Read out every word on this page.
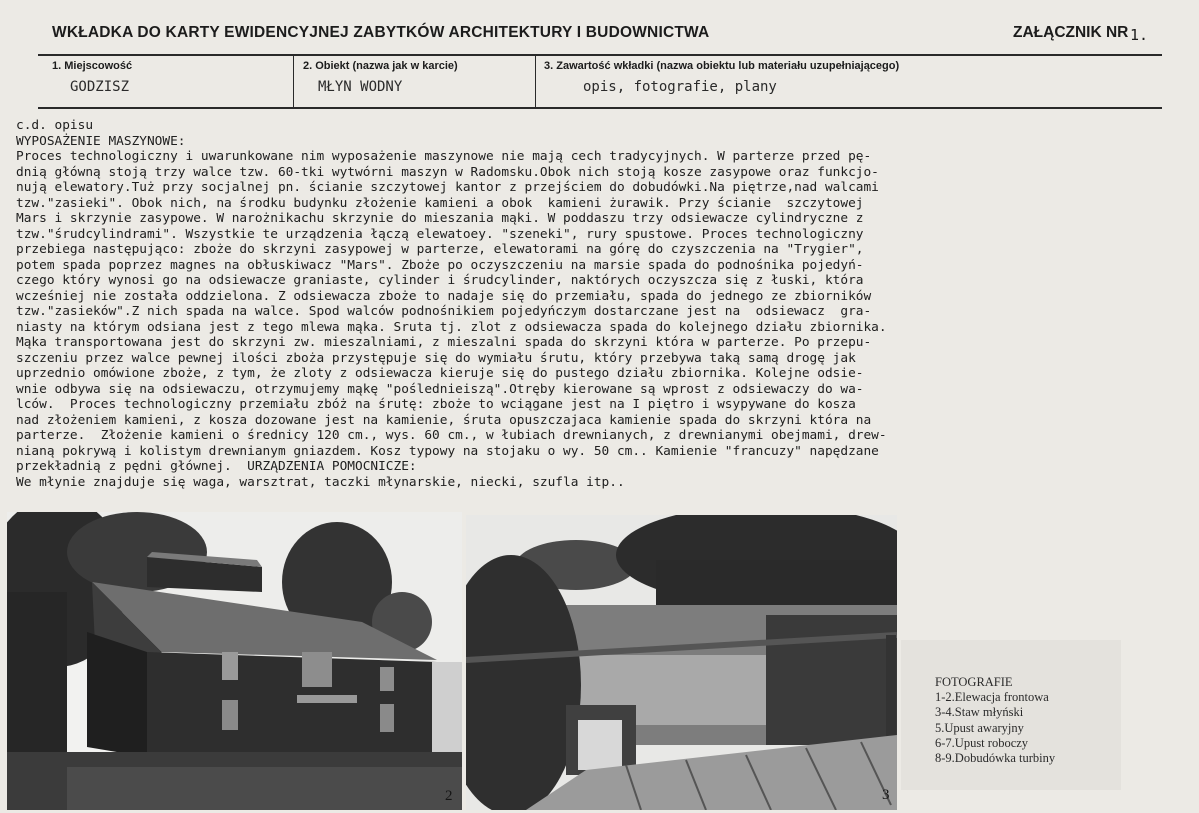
WKŁADKA DO KARTY EWIDENCYJNEJ ZABYTKÓW ARCHITEKTURY I BUDOWNICTWA	ZAŁĄCZNIK NR 1.
1. Miejscowość
GODZISZ
2. Obiekt (nazwa jak w karcie)
MŁYN WODNY
3. Zawartość wkładki (nazwa obiektu lub materiału uzupełniającego)
opis, fotografie, plany
c.d. opisu
WYPOSAŻENIE MASZYNOWE:
Proces technologiczny i uwarunkowane nim wyposażenie maszynowe nie mają cech tradycyjnych. W parterze przed pę-
dnią główną stoją trzy walce tzw. 60-tki wytwórni maszyn w Radomsku.Obok nich stoją kosze zasypowe oraz funkcjo-
nują elewatory.Tuż przy socjalnej pn. ścianie szczytowej kantor z przejściem do dobudówki.Na piętrze,nad walcami
tzw."zasieki". Obok nich, na środku budynku złożenie kamieni a obok  kamieni żurawik. Przy ścianie  szczytowej
Mars i skrzynie zasypowe. W narożnikachu skrzynie do mieszania mąki. W poddaszu trzy odsiewacze cylindryczne z
tzw."śrudcylindrami". Wszystkie te urządzenia łączą elewatoey. "szeneki", rury spustowe. Proces technologiczny
przebiega następująco: zboże do skrzyni zasypowej w parterze, elewatorami na górę do czyszczenia na "Trygier",
potem spada poprzez magnes na obłuskiwacz "Mars". Zboże po oczyszczeniu na marsie spada do podnośnika pojedyń-
czego który wynosi go na odsiewacze graniaste, cylinder i śrudcylinder, naktórych oczyszcza się z łuski, która
wcześniej nie została oddzielona. Z odsiewacza zboże to nadaje się do przemiału, spada do jednego ze zbiorników
tzw."zasieków".Z nich spada na walce. Spod walców podnośnikiem pojedyńczym dostarczane jest na  odsiewacz  gra-
niasty na którym odsiana jest z tego mlewa mąka. Sruta tj. zlot z odsiewacza spada do kolejnego działu zbiornika.
Mąka transportowana jest do skrzyni zw. mieszalniami, z mieszalni spada do skrzyni która w parterze. Po przepu-
szczeniu przez walce pewnej ilości zboża przystępuje się do wymiału śrutu, który przebywa taką samą drogę jak
uprzednio omówione zboże, z tym, że zloty z odsiewacza kieruje się do pustego działu zbiornika. Kolejne odsie-
wnie odbywa się na odsiewaczu, otrzymujemy mąkę "poślednieiszą".Otręby kierowane są wprost z odsiewaczy do wa-
lców.  Proces technologiczny przemiału zbóż na śrutę: zboże to wciągane jest na I piętro i wsypywane do kosza
nad złożeniem kamieni, z kosza dozowane jest na kamienie, śruta opuszczajaca kamienie spada do skrzyni która na
parterze.  Złożenie kamieni o średnicy 120 cm., wys. 60 cm., w łubiach drewnianych, z drewnianymi obejmami, drew-
nianą pokrywą i kolistym drewnianym gniazdem. Kosz typowy na stojaku o wy. 50 cm.. Kamienie "francuzy" napędzane
przekładnią z pędni głównej.  URZĄDZENIA POMOCNICZE:
We młynie znajduje się waga, warsztrat, taczki młynarskie, niecki, szufla itp..
2	3
FOTOGRAFIE
1-2.Elewacja frontowa
3-4.Staw młyński
5.Upust awaryjny
6-7.Upust roboczy
8-9.Dobudówka turbiny
